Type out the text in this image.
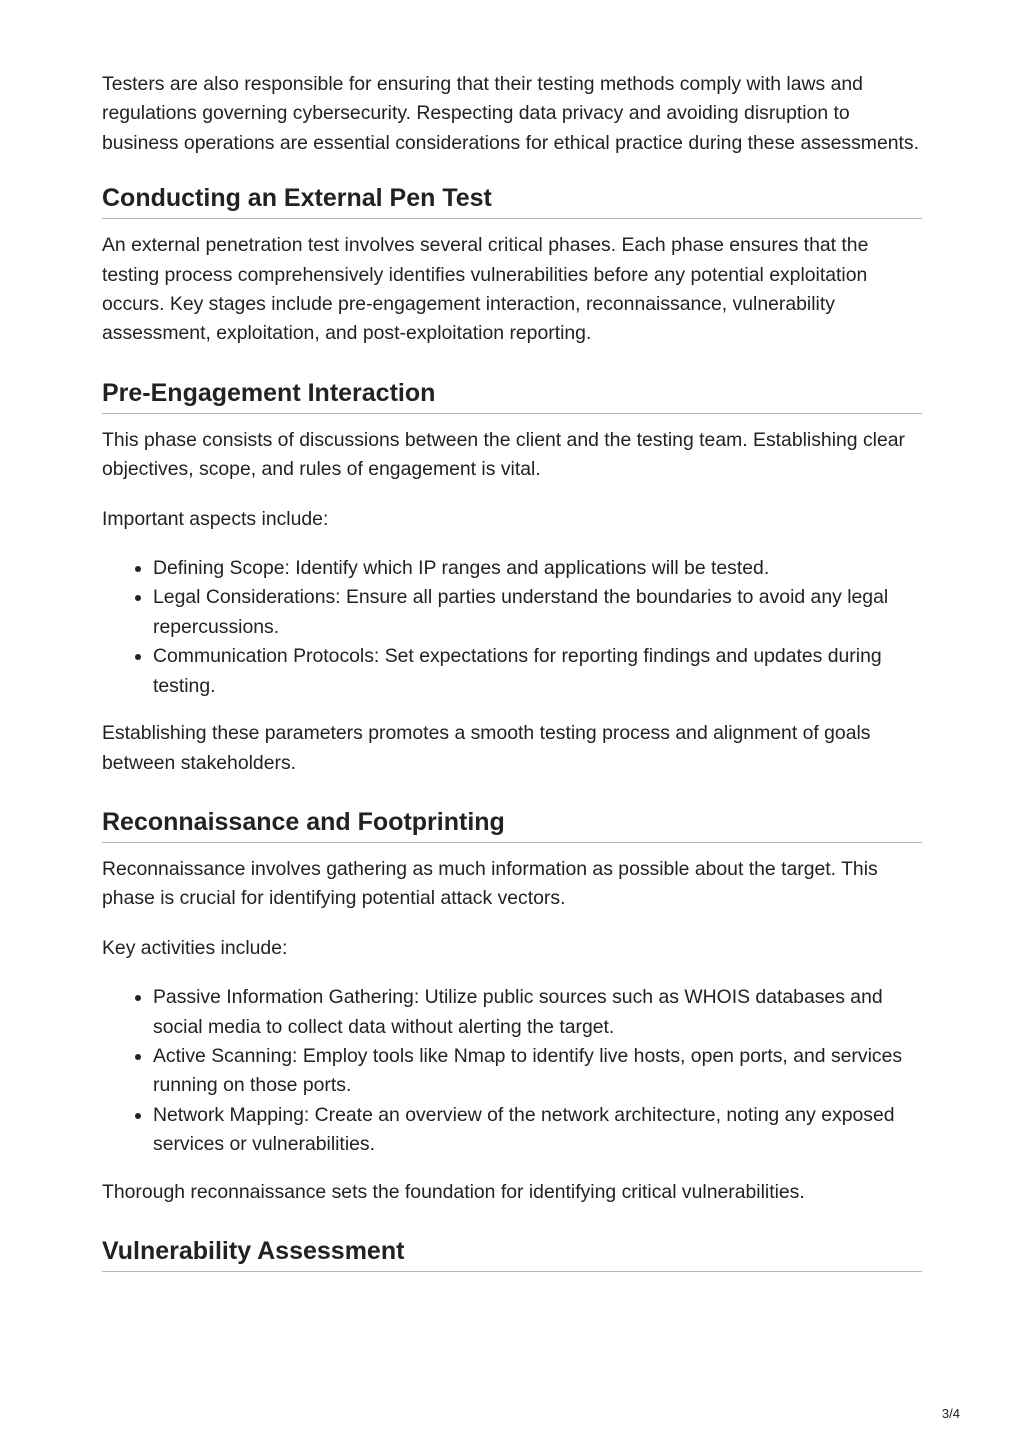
Testers are also responsible for ensuring that their testing methods comply with laws and regulations governing cybersecurity. Respecting data privacy and avoiding disruption to business operations are essential considerations for ethical practice during these assessments.

Conducting an External Pen Test

An external penetration test involves several critical phases. Each phase ensures that the testing process comprehensively identifies vulnerabilities before any potential exploitation occurs. Key stages include pre-engagement interaction, reconnaissance, vulnerability assessment, exploitation, and post-exploitation reporting.

Pre-Engagement Interaction

This phase consists of discussions between the client and the testing team. Establishing clear objectives, scope, and rules of engagement is vital.

Important aspects include:

• Defining Scope: Identify which IP ranges and applications will be tested.
• Legal Considerations: Ensure all parties understand the boundaries to avoid any legal repercussions.
• Communication Protocols: Set expectations for reporting findings and updates during testing.

Establishing these parameters promotes a smooth testing process and alignment of goals between stakeholders.

Reconnaissance and Footprinting

Reconnaissance involves gathering as much information as possible about the target. This phase is crucial for identifying potential attack vectors.

Key activities include:

• Passive Information Gathering: Utilize public sources such as WHOIS databases and social media to collect data without alerting the target.
• Active Scanning: Employ tools like Nmap to identify live hosts, open ports, and services running on those ports.
• Network Mapping: Create an overview of the network architecture, noting any exposed services or vulnerabilities.

Thorough reconnaissance sets the foundation for identifying critical vulnerabilities.

Vulnerability Assessment
3/4
